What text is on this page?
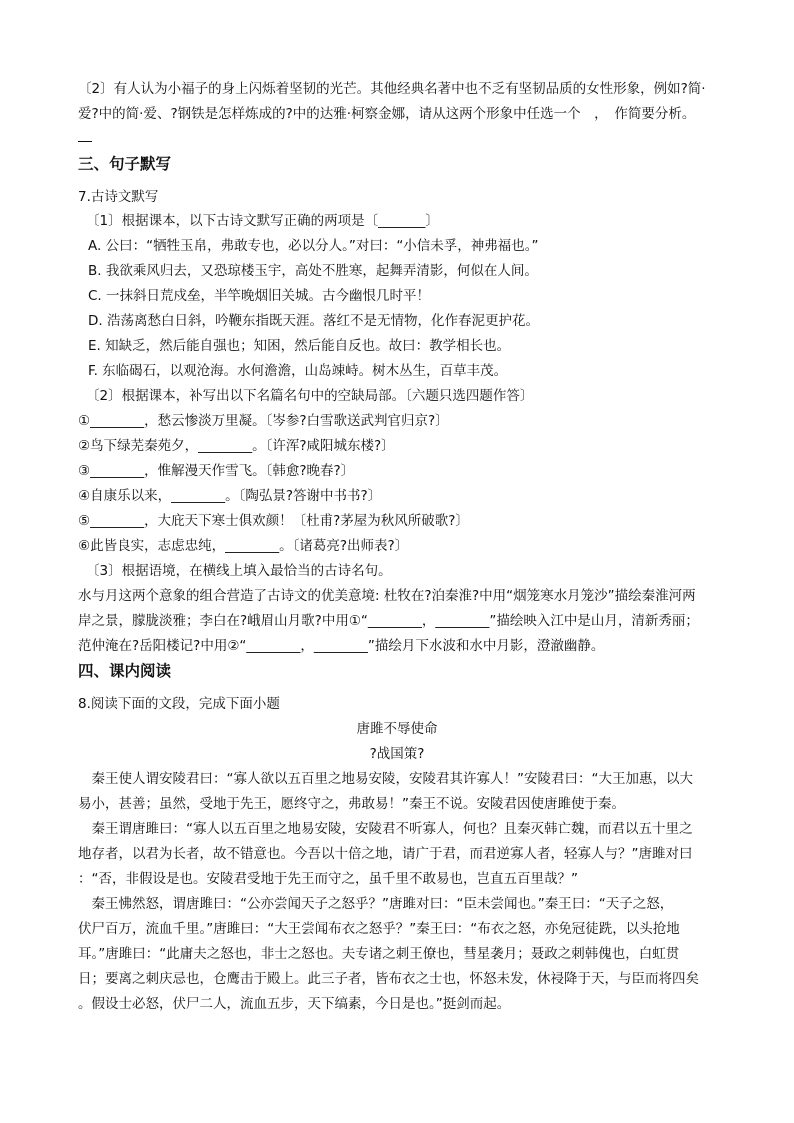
〔2〕有人认为小福子的身上闪烁着坚韧的光芒。其他经典名著中也不乏有坚韧品质的女性形象，例如?简·
爱?中的简·爱、?钢铁是怎样炼成的?中的达雅·柯察金娜，请从这两个形象中任选一个　，　作简要分析。
三、句子默写
7.古诗文默写
〔1〕根据课本，以下古诗文默写正确的两项是〔_______〕
A. 公曰：“牺牲玉帛，弗敢专也，必以分人。”对曰：“小信未孚，神弗福也。”
B. 我欲乘风归去，又恐琼楼玉宇，高处不胜寒，起舞弄清影，何似在人间。
C. 一抹斜日荒戍垒，半竿晚烟旧关城。古今幽恨几时平！
D. 浩荡离愁白日斜，吟鞭东指既天涯。落红不是无情物，化作春泥更护花。
E. 知缺乏，然后能自强也；知困，然后能自反也。故曰：教学相长也。
F. 东临碣石，以观沧海。水何澹澹，山岛竦峙。树木丛生，百草丰茂。
〔2〕根据课本，补写出以下名篇名句中的空缺局部。〔六题只选四题作答〕
①________，愁云惨淡万里凝。〔岑参?白雪歌送武判官归京?〕
②鸟下绿芜秦苑夕，________。〔许浑?咸阳城东楼?〕
③________，惟解漫天作雪飞。〔韩愈?晚春?〕
④自康乐以来，________。〔陶弘景?答谢中书书?〕
⑤________，大庇天下寒士俱欢颜！〔杜甫?茅屋为秋风所破歌?〕
⑥此皆良实，志虑忠纯，________。〔诸葛亮?出师表?〕
〔3〕根据语境，在横线上填入最恰当的古诗名句。
水与月这两个意象的组合营造了古诗文的优美意境: 杜牧在?泊秦淮?中用“烟笼寒水月笼沙”描绘秦淮河两
岸之景，朦胧淡雅；李白在?峨眉山月歌?中用①“________，________”描绘映入江中是山月，清新秀丽；
范仲淹在?岳阳楼记?中用②“________，________”描绘月下水波和水中月影，澄澈幽静。
四、课内阅读
8.阅读下面的文段，完成下面小题
唐雎不辱使命
?战国策?
　秦王使人谓安陵君曰：“寡人欲以五百里之地易安陵，安陵君其许寡人！”安陵君曰：“大王加惠，以大
易小，甚善；虽然，受地于先王，愿终守之，弗敢易！”秦王不说。安陵君因使唐雎使于秦。
　秦王谓唐雎曰：“寡人以五百里之地易安陵，安陵君不听寡人，何也？且秦灭韩亡魏，而君以五十里之
地存者，以君为长者，故不错意也。今吾以十倍之地，请广于君，而君逆寡人者，轻寡人与？”唐雎对曰
：“否，非假设是也。安陵君受地于先王而守之，虽千里不敢易也，岂直五百里哉？”
　秦王怫然怒，谓唐雎曰：“公亦尝闻天子之怒乎？”唐雎对曰：“臣未尝闻也。”秦王曰：“天子之怒，
伏尸百万，流血千里。”唐雎曰：“大王尝闻布衣之怒乎？”秦王曰：“布衣之怒，亦免冠徒跣，以头抢地
耳。”唐雎曰：“此庸夫之怒也，非士之怒也。夫专诸之刺王僚也，彗星袭月；聂政之刺韩傀也，白虹贯
日；要离之刺庆忌也，仓鹰击于殿上。此三子者，皆布衣之士也，怀怒未发，休祲降于天，与臣而将四矣
。假设士必怒，伏尸二人，流血五步，天下缟素，今日是也。”挺剑而起。
